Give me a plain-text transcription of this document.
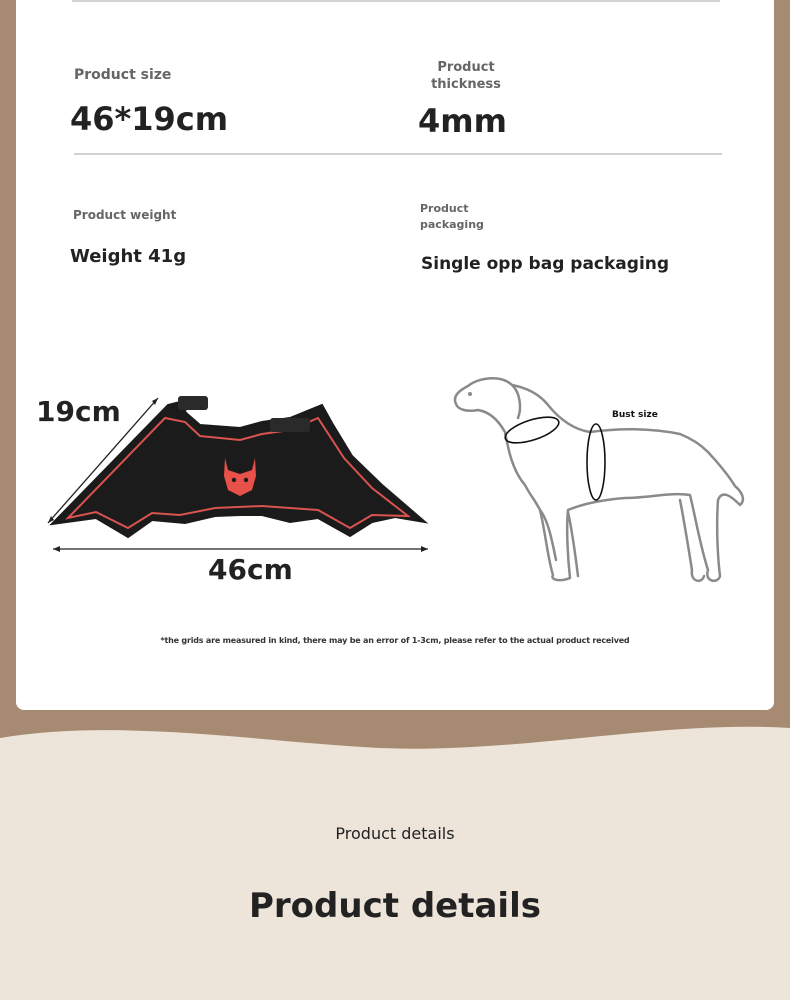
Product size
46*19cm
Product thickness
4mm
Product weight
Weight 41g
Product packaging
Single opp bag packaging
19cm
46cm
Bust size
*the grids are measured in kind, there may be an error of 1-3cm, please refer to the actual product received
Product details
Product details
